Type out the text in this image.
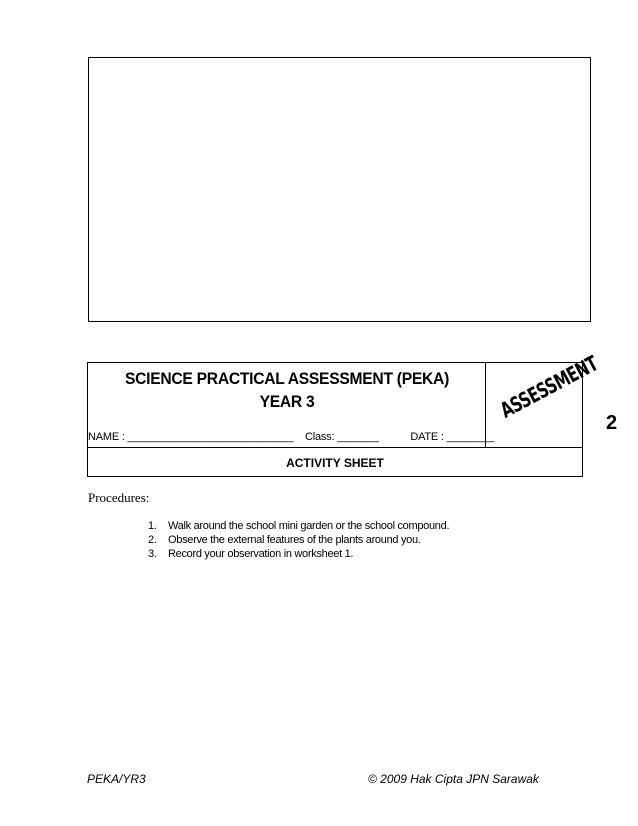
SCIENCE PRACTICAL ASSESSMENT (PEKA)
YEAR 3
NAME : ____________________________ Class: _______	DATE : ________
ASSESSMENT
ACTIVITY SHEET
2
Procedures:
1. Walk around the school mini garden or the school compound.
2. Observe the external features of the plants around you.
3. Record your observation in worksheet 1.
PEKA/YR3	© 2009 Hak Cipta JPN Sarawak
